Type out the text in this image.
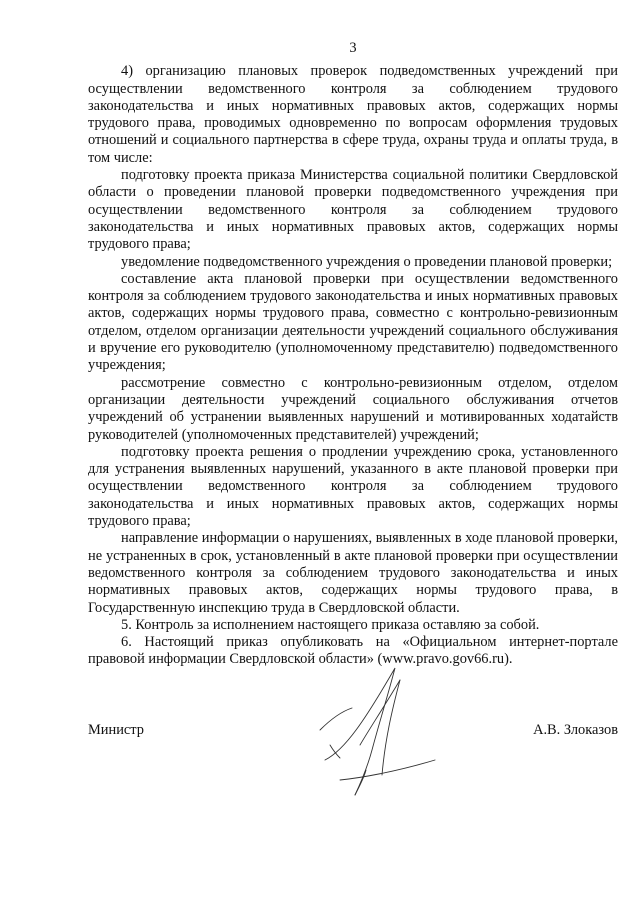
3

4) организацию плановых проверок подведомственных учреждений при осуществлении ведомственного контроля за соблюдением трудового законодательства и иных нормативных правовых актов, содержащих нормы трудового права, проводимых одновременно по вопросам оформления трудовых отношений и социального партнерства в сфере труда, охраны труда и оплаты труда, в том числе:

подготовку проекта приказа Министерства социальной политики Свердловской области о проведении плановой проверки подведомственного учреждения при осуществлении ведомственного контроля за соблюдением трудового законодательства и иных нормативных правовых актов, содержащих нормы трудового права;

уведомление подведомственного учреждения о проведении плановой проверки;

составление акта плановой проверки при осуществлении ведомственного контроля за соблюдением трудового законодательства и иных нормативных правовых актов, содержащих нормы трудового права, совместно с контрольно-ревизионным отделом, отделом организации деятельности учреждений социального обслуживания и вручение его руководителю (уполномоченному представителю) подведомственного учреждения;

рассмотрение совместно с контрольно-ревизионным отделом, отделом организации деятельности учреждений социального обслуживания отчетов учреждений об устранении выявленных нарушений и мотивированных ходатайств руководителей (уполномоченных представителей) учреждений;

подготовку проекта решения о продлении учреждению срока, установленного для устранения выявленных нарушений, указанного в акте плановой проверки при осуществлении ведомственного контроля за соблюдением трудового законодательства и иных нормативных правовых актов, содержащих нормы трудового права;

направление информации о нарушениях, выявленных в ходе плановой проверки, не устраненных в срок, установленный в акте плановой проверки при осуществлении ведомственного контроля за соблюдением трудового законодательства и иных нормативных правовых актов, содержащих нормы трудового права, в Государственную инспекцию труда в Свердловской области.

5. Контроль за исполнением настоящего приказа оставляю за собой.

6. Настоящий приказ опубликовать на «Официальном интернет-портале правовой информации Свердловской области» (www.pravo.gov66.ru).

Министр	А.В. Злоказов
